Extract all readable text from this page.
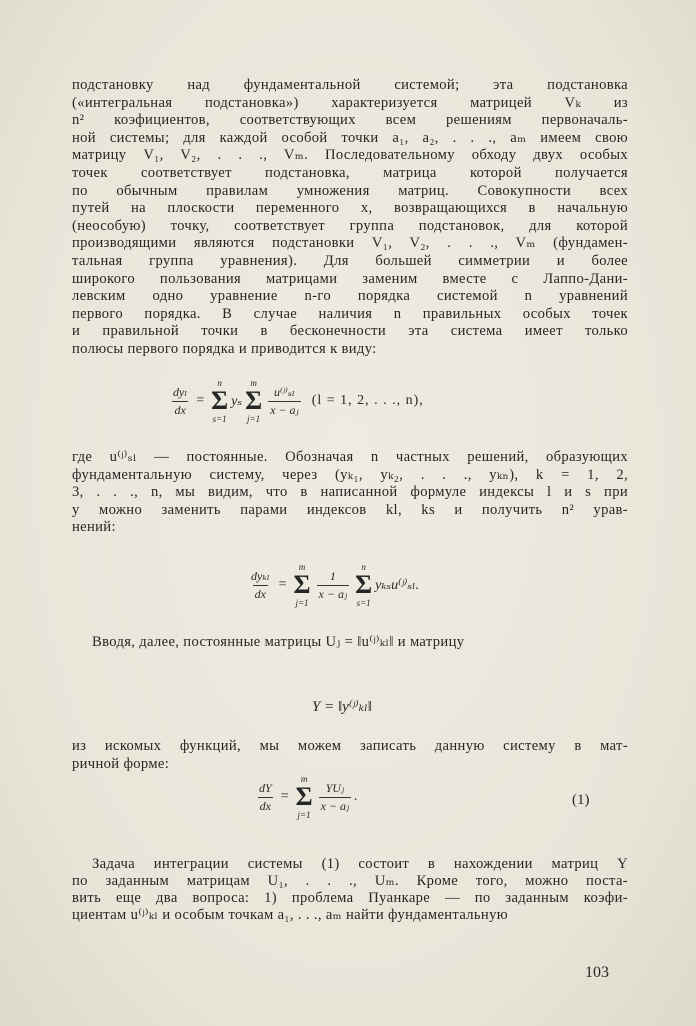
подстановку над фундаментальной системой; эта подстановка
(«интегральная подстановка») характеризуется матрицей Vₖ из
n² коэфициентов, соответствующих всем решениям первоначаль-
ной системы; для каждой особой точки a₁, a₂, . . ., aₘ имеем свою
матрицу V₁, V₂, . . ., Vₘ. Последовательному обходу двух особых
точек соответствует подстановка, матрица которой получается
по обычным правилам умножения матриц. Совокупности всех
путей на плоскости переменного x, возвращающихся в начальную
(неособую) точку, соответствует группа подстановок, для которой
производящими являются подстановки V₁, V₂, . . ., Vₘ (фундамен-
тальная группа уравнения). Для большей симметрии и более
широкого пользования матрицами заменим вместе с Лаппо-Дани-
левским одно уравнение n-го порядка системой n уравнений
первого порядка. В случае наличия n правильных особых точек
и правильной точки в бесконечности эта система имеет только
полюсы первого порядка и приводится к виду:
$\frac{\text{dyₗ}}{dx}$ =
n
Σ
s=1
yₛ
m
Σ
j=1
$\frac{\text{u⁽ʲ⁾ₛₗ}}{\text{x − aⱼ}} (l = 1$, 2, . . ., n),
где u⁽ʲ⁾ₛₗ — постоянные. Обозначая n частных решений, образующих
фундаментальную систему, через (yₖ₁, yₖ₂, . . ., yₖₙ), k = 1, 2,
3, . . ., n, мы видим, что в написанной формуле индексы l и s при
y можно заменить парами индексов kl, ks и получить n² урав-
нений:
$\frac{\text{dyₖₗ}}{dx}$ =
m
Σ
j=1
$\frac{1}{\text{x − aⱼ}}$
n
Σ
s=1
yₖₛu⁽ʲ⁾ₛₗ.
Вводя, далее, постоянные матрицы Uⱼ = ‖u⁽ʲ⁾ₖₗ‖ и матрицу
Y = ‖y⁽ʲ⁾ₖₗ‖
из искомых функций, мы можем записать данную систему в мат-
ричной форме:
$\frac{dY}{dx}$ =
m
Σ
j=1
$\frac{\text{YUⱼ}}{\text{x − aⱼ}}$ .	(1)
Задача интеграции системы (1) состоит в нахождении матриц Y
по заданным матрицам U₁, . . ., Uₘ. Кроме того, можно поста-
вить еще два вопроса: 1) проблема Пуанкаре — по заданным коэфи-
циентам u⁽ʲ⁾ₖₗ и особым точкам a₁, . . ., aₘ найти фундаментальную
103
